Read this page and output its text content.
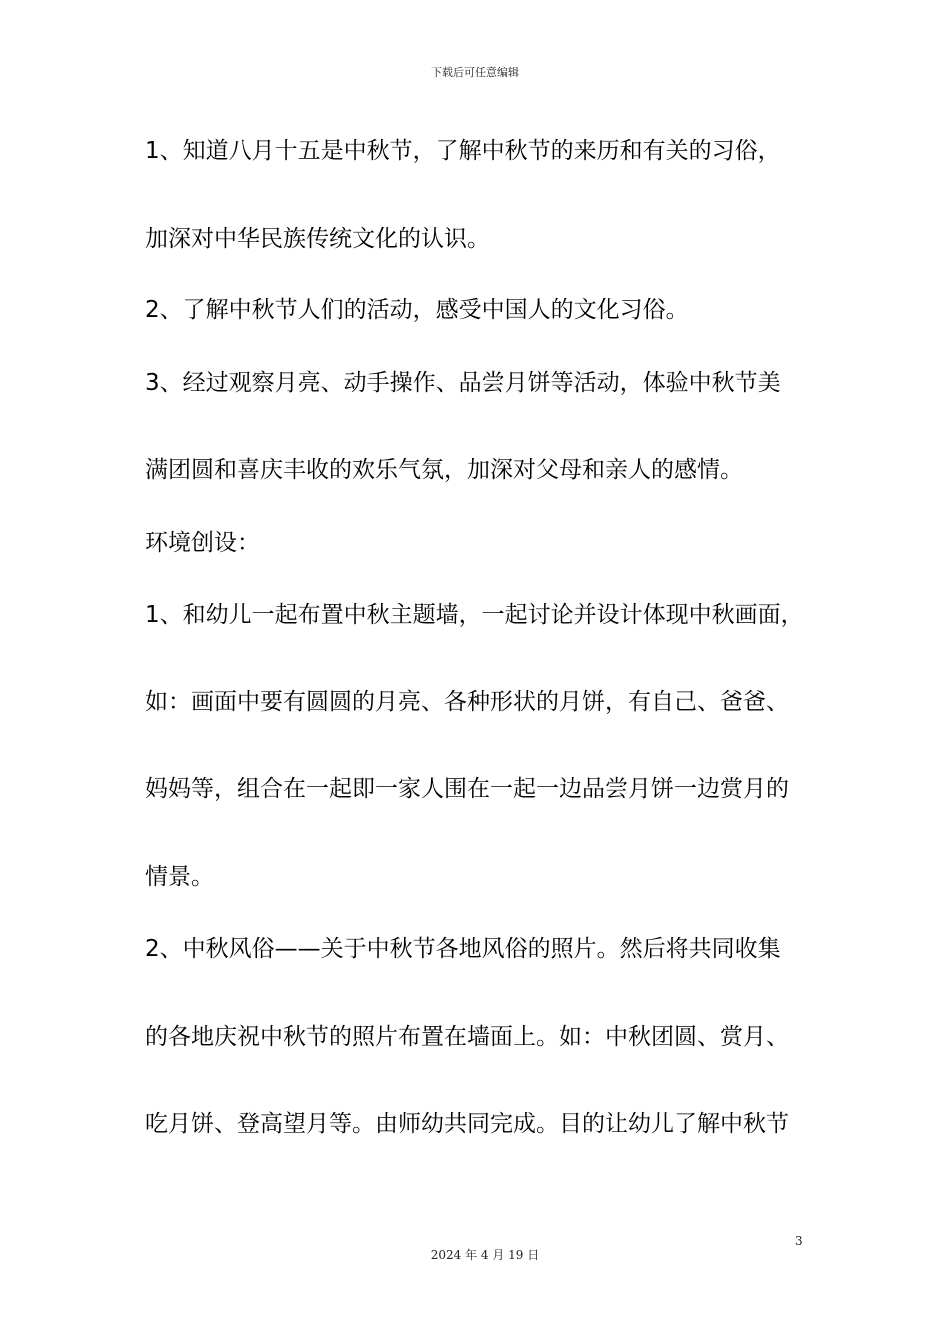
下载后可任意编辑
1、知道八月十五是中秋节，了解中秋节的来历和有关的习俗，
加深对中华民族传统文化的认识。
2、了解中秋节人们的活动，感受中国人的文化习俗。
3、经过观察月亮、动手操作、品尝月饼等活动，体验中秋节美
满团圆和喜庆丰收的欢乐气氛，加深对父母和亲人的感情。
环境创设：
1、和幼儿一起布置中秋主题墙，一起讨论并设计体现中秋画面，
如：画面中要有圆圆的月亮、各种形状的月饼，有自己、爸爸、
妈妈等，组合在一起即一家人围在一起一边品尝月饼一边赏月的
情景。
2、中秋风俗——关于中秋节各地风俗的照片。然后将共同收集
的各地庆祝中秋节的照片布置在墙面上。如：中秋团圆、赏月、
吃月饼、登高望月等。由师幼共同完成。目的让幼儿了解中秋节
3
2024 年 4 月 19 日
